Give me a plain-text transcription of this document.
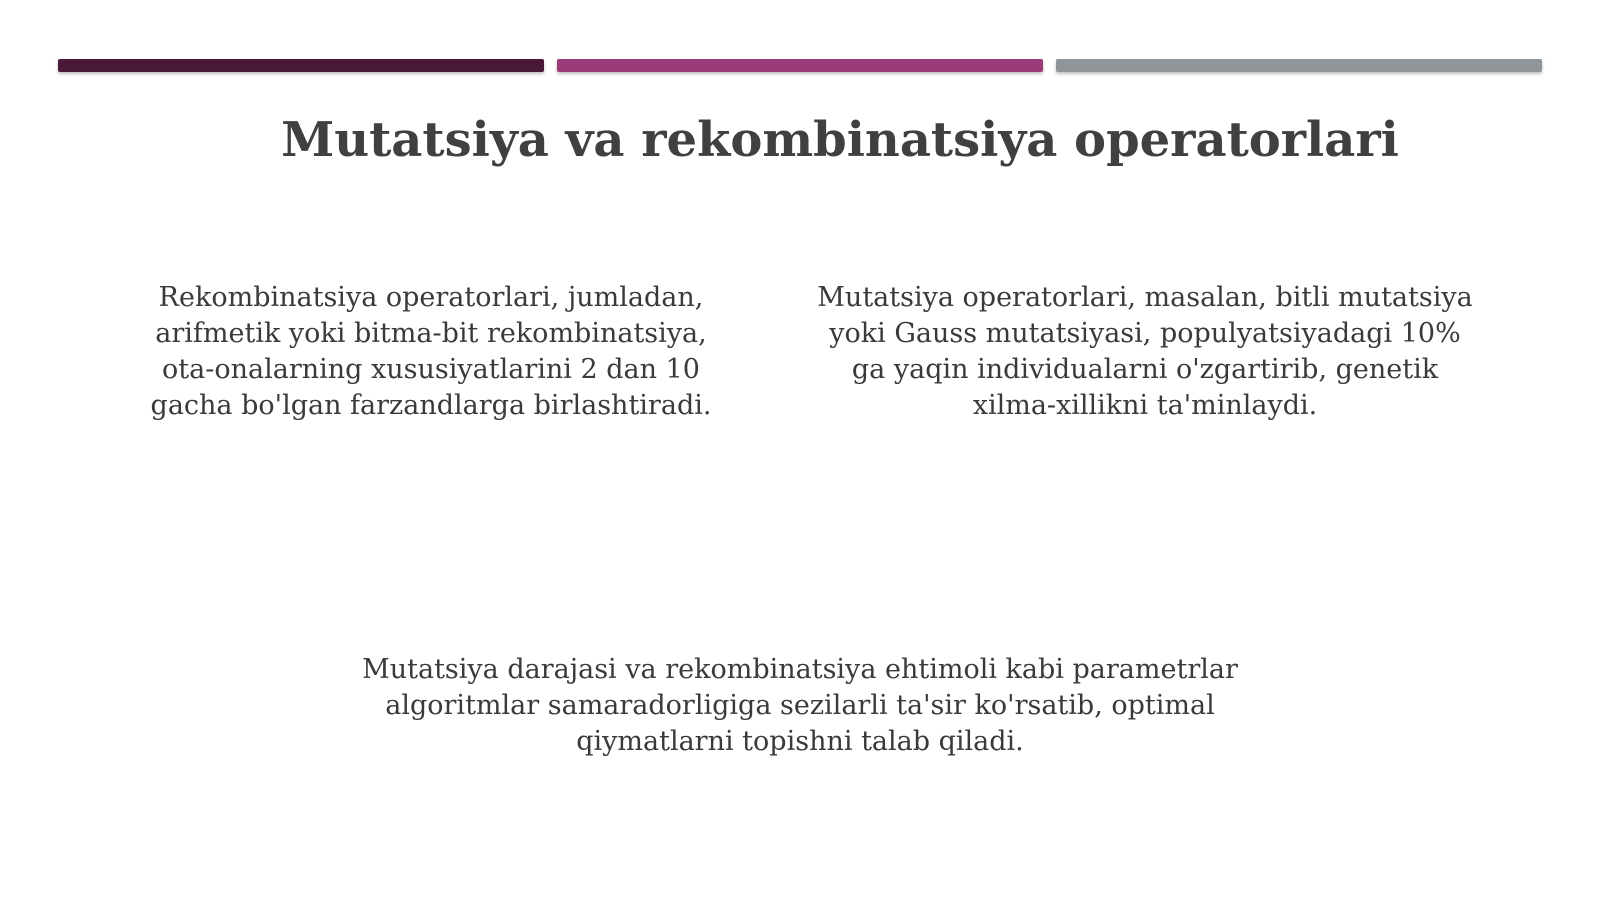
Mutatsiya va rekombinatsiya operatorlari

Rekombinatsiya operatorlari, jumladan,
arifmetik yoki bitma-bit rekombinatsiya,
ota-onalarning xususiyatlarini 2 dan 10
gacha bo'lgan farzandlarga birlashtiradi.

Mutatsiya operatorlari, masalan, bitli mutatsiya
yoki Gauss mutatsiyasi, populyatsiyadagi 10%
ga yaqin individualarni o'zgartirib, genetik
xilma-xillikni ta'minlaydi.

Mutatsiya darajasi va rekombinatsiya ehtimoli kabi parametrlar
algoritmlar samaradorligiga sezilarli ta'sir ko'rsatib, optimal
qiymatlarni topishni talab qiladi.
